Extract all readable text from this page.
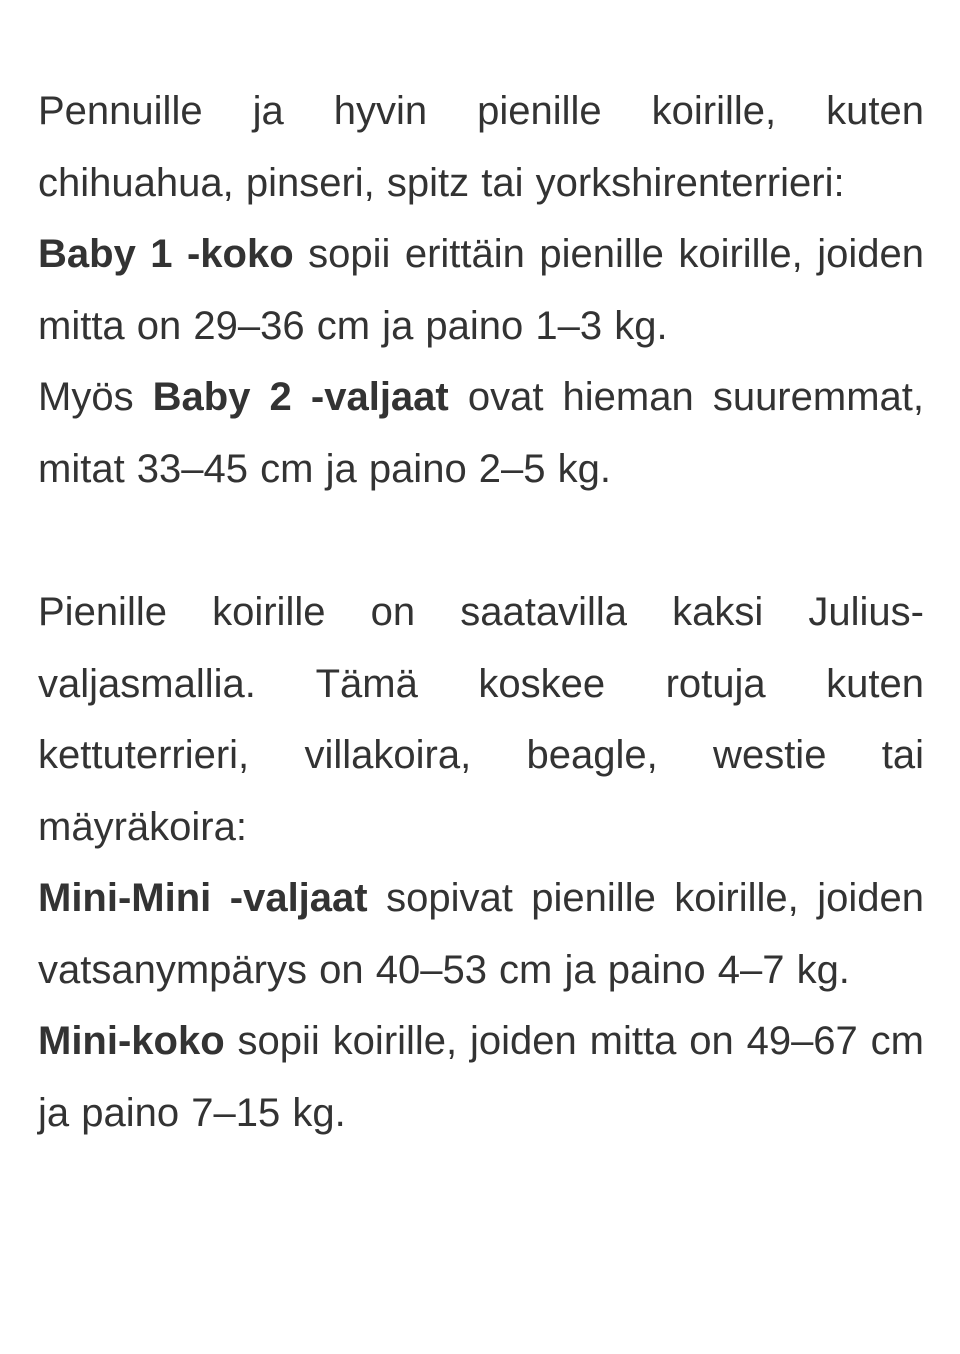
Pennuille ja hyvin pienille koirille, kuten chihuahua, pinseri, spitz tai yorkshirenterrieri:

Baby 1 -koko sopii erittäin pienille koirille, joiden mitta on 29–36 cm ja paino 1–3 kg.

Myös Baby 2 -valjaat ovat hieman suuremmat, mitat 33–45 cm ja paino 2–5 kg.

Pienille koirille on saatavilla kaksi Julius-valjasmallia. Tämä koskee rotuja kuten kettuterrieri, villakoira, beagle, westie tai mäyräkoira:

Mini-Mini -valjaat sopivat pienille koirille, joiden vatsanympärys on 40–53 cm ja paino 4–7 kg.

Mini-koko sopii koirille, joiden mitta on 49–67 cm ja paino 7–15 kg.
